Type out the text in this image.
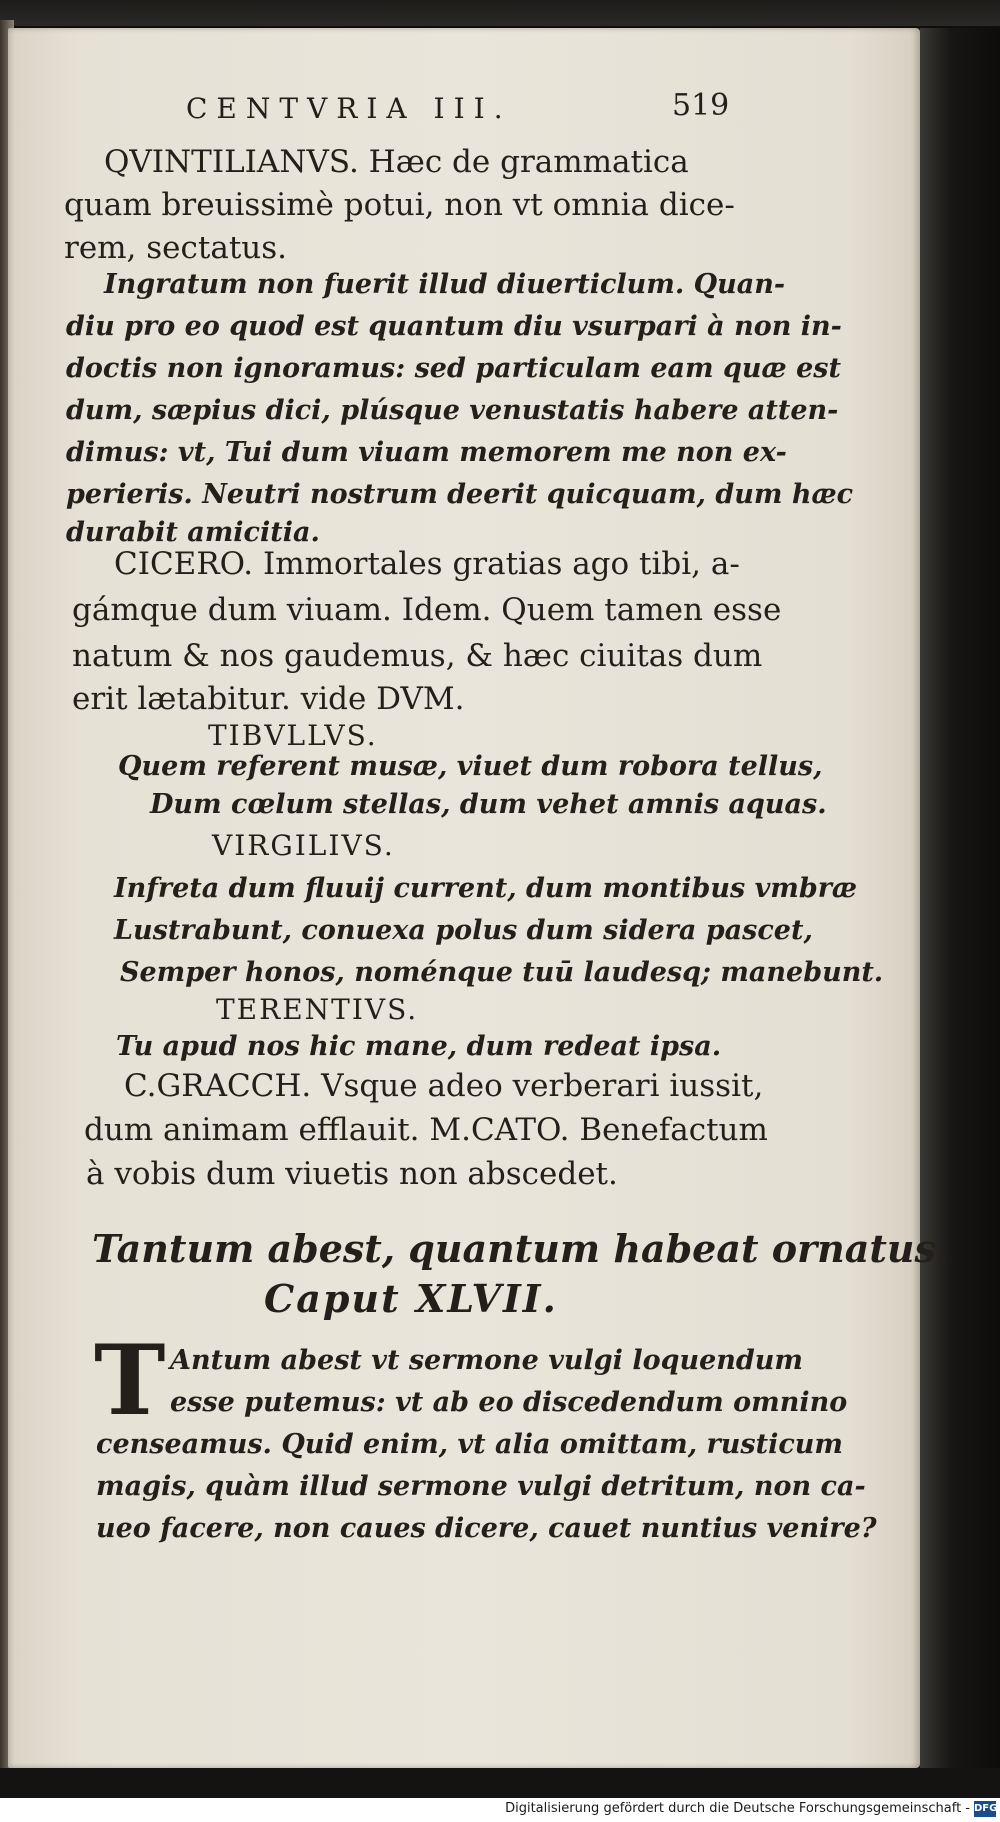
CENTVRIA III.	519
QVINTILIANVS. Hæc de grammatica
quam breuissimè potui, non vt omnia dice-
rem, sectatus.
Ingratum non fuerit illud diuerticlum. Quan-
diu pro eo quod est quantum diu vsurpari à non in-
doctis non ignoramus: sed particulam eam quæ est
dum, sæpius dici, plúsque venustatis habere atten-
dimus: vt, Tui dum viuam memorem me non ex-
perieris. Neutri nostrum deerit quicquam, dum hæc
durabit amicitia.
CICERO. Immortales gratias ago tibi, a-
gámque dum viuam. Idem. Quem tamen esse
natum & nos gaudemus, & hæc ciuitas dum
erit lætabitur. vide DVM.
TIBVLLVS.
Quem referent musæ, viuet dum robora tellus,
Dum cœlum stellas, dum vehet amnis aquas.
VIRGILIVS.
Infreta dum fluuij current, dum montibus vmbræ
Lustrabunt, conuexa polus dum sidera pascet,
Semper honos, noménque tuū laudesq; manebunt.
TERENTIVS.
Tu apud nos hic mane, dum redeat ipsa.
C.GRACCH. Vsque adeo verberari iussit,
dum animam efflauit. M.CATO. Benefactum
à vobis dum viuetis non abscedet.
Tantum abest, quantum habeat ornatus.
Caput XLVII.
T Antum abest vt sermone vulgi loquendum
esse putemus: vt ab eo discedendum omnino
censeamus. Quid enim, vt alia omittam, rusticum
magis, quàm illud sermone vulgi detritum, non ca-
ueo facere, non caues dicere, cauet nuntius venire?
Digitalisierung gefördert durch die Deutsche Forschungsgemeinschaft - DFG
